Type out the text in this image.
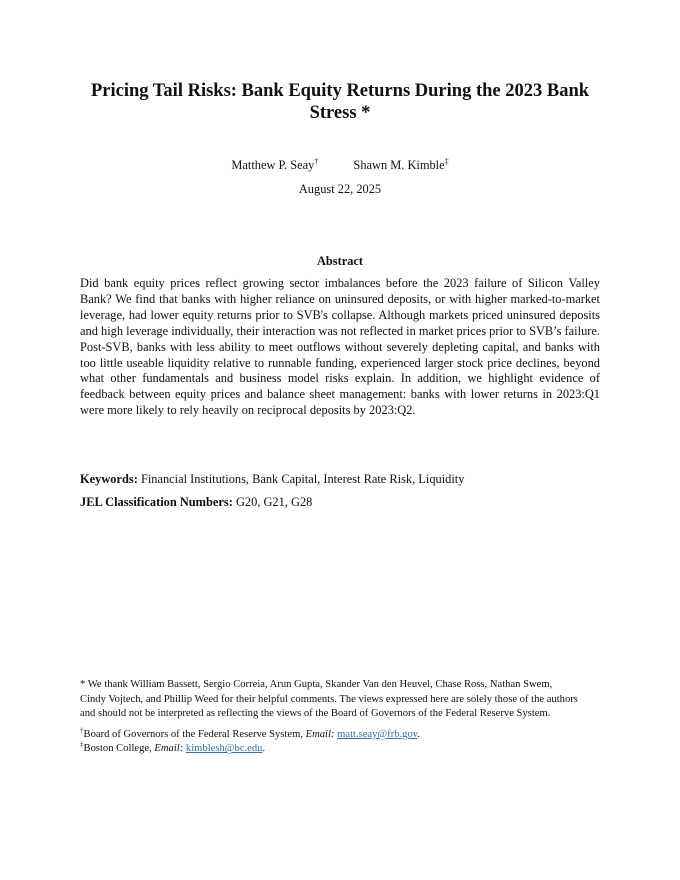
Pricing Tail Risks: Bank Equity Returns During the 2023 Bank Stress *
Matthew P. Seay†	Shawn M. Kimble‡
August 22, 2025
Abstract

Did bank equity prices reflect growing sector imbalances before the 2023 failure of Silicon Valley Bank? We find that banks with higher reliance on uninsured deposits, or with higher marked-to-market leverage, had lower equity returns prior to SVB's collapse. Although markets priced uninsured deposits and high leverage individually, their interaction was not reflected in market prices prior to SVB’s failure. Post-SVB, banks with less ability to meet outflows without severely depleting capital, and banks with too little useable liquidity relative to runnable funding, experienced larger stock price declines, beyond what other fundamentals and business model risks explain. In addition, we highlight evidence of feedback between equity prices and balance sheet management: banks with lower returns in 2023:Q1 were more likely to rely heavily on reciprocal deposits by 2023:Q2.

Keywords: Financial Institutions, Bank Capital, Interest Rate Risk, Liquidity
JEL Classification Numbers: G20, G21, G28

* We thank William Bassett, Sergio Correia, Arun Gupta, Skander Van den Heuvel, Chase Ross, Nathan Swem, Cindy Vojtech, and Phillip Weed for their helpful comments. The views expressed here are solely those of the authors and should not be interpreted as reflecting the views of the Board of Governors of the Federal Reserve System.

†Board of Governors of the Federal Reserve System, Email: matt.seay@frb.gov.

‡Boston College, Email: kimblesh@bc.edu.
